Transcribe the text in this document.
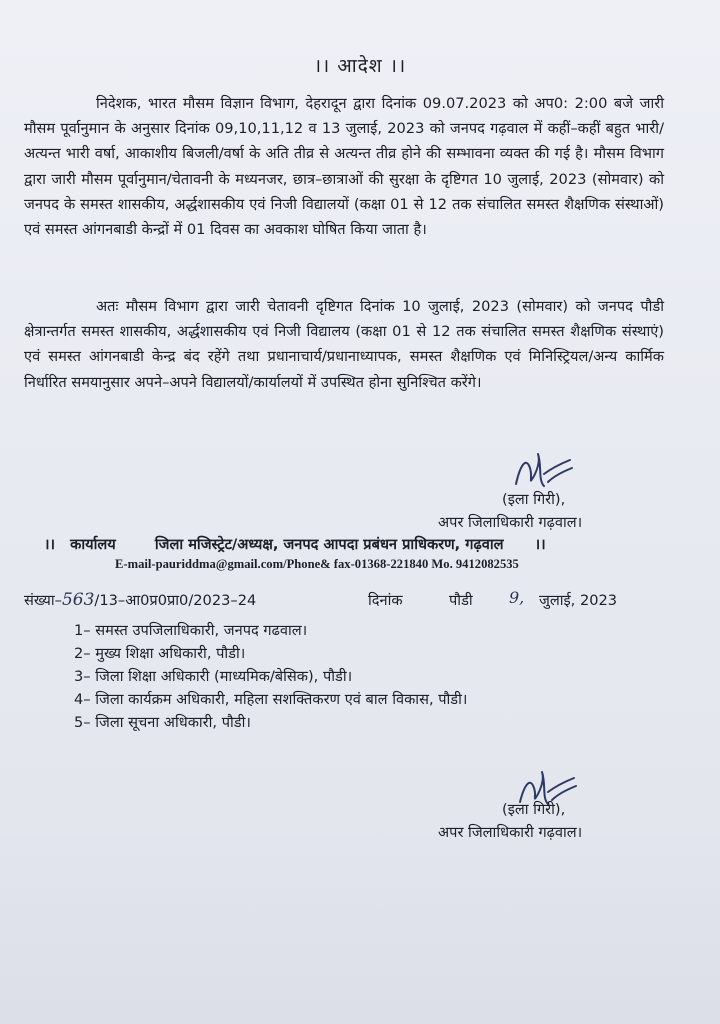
।। आदेश ।।

निदेशक, भारत मौसम विज्ञान विभाग, देहरादून द्वारा दिनांक 09.07.2023 को अप0: 2:00 बजे जारी मौसम पूर्वानुमान के अनुसार दिनांक 09,10,11,12 व 13 जुलाई, 2023 को जनपद गढ़वाल में कहीं–कहीं बहुत भारी/अत्यन्त भारी वर्षा, आकाशीय बिजली/वर्षा के अति तीव्र से अत्यन्त तीव्र होने की सम्भावना व्यक्त की गई है। मौसम विभाग द्वारा जारी मौसम पूर्वानुमान/चेतावनी के मध्यनजर, छात्र–छात्राओं की सुरक्षा के दृष्टिगत 10 जुलाई, 2023 (सोमवार) को जनपद के समस्त शासकीय, अर्द्धशासकीय एवं निजी विद्यालयों (कक्षा 01 से 12 तक संचालित समस्त शैक्षणिक संस्थाओं) एवं समस्त आंगनबाडी केन्द्रों में 01 दिवस का अवकाश घोषित किया जाता है।

अतः मौसम विभाग द्वारा जारी चेतावनी दृष्टिगत दिनांक 10 जुलाई, 2023 (सोमवार) को जनपद पौडी क्षेत्रान्तर्गत समस्त शासकीय, अर्द्धशासकीय एवं निजी विद्यालय (कक्षा 01 से 12 तक संचालित समस्त शैक्षणिक संस्थाएं) एवं समस्त आंगनबाडी केन्द्र बंद रहेंगे तथा प्रधानाचार्य/प्रधानाध्यापक, समस्त शैक्षणिक एवं मिनिस्ट्रियल/अन्य कार्मिक निर्धारित समयानुसार अपने–अपने विद्यालयों/कार्यालयों में उपस्थित होना सुनिश्चित करेंगे।

(इला गिरी),
अपर जिलाधिकारी गढ़वाल।
।। कार्यालय	जिला मजिस्ट्रेट/अध्यक्ष, जनपद आपदा प्रबंधन प्राधिकरण, गढ़वाल ।।
E-mail-pauriddma@gmail.com/Phone& fax-01368-221840 Mo. 9412082535
संख्या–563/13–आ0प्र0प्रा0/2023–24	दिनांक	पौडी 9, जुलाई, 2023
1– समस्त उपजिलाधिकारी, जनपद गढवाल।
2– मुख्य शिक्षा अधिकारी, पौडी।
3– जिला शिक्षा अधिकारी (माध्यमिक/बेसिक), पौडी।
4– जिला कार्यक्रम अधिकारी, महिला सशक्तिकरण एवं बाल विकास, पौडी।
5– जिला सूचना अधिकारी, पौडी।
(इला गिरी),
अपर जिलाधिकारी गढ़वाल।
